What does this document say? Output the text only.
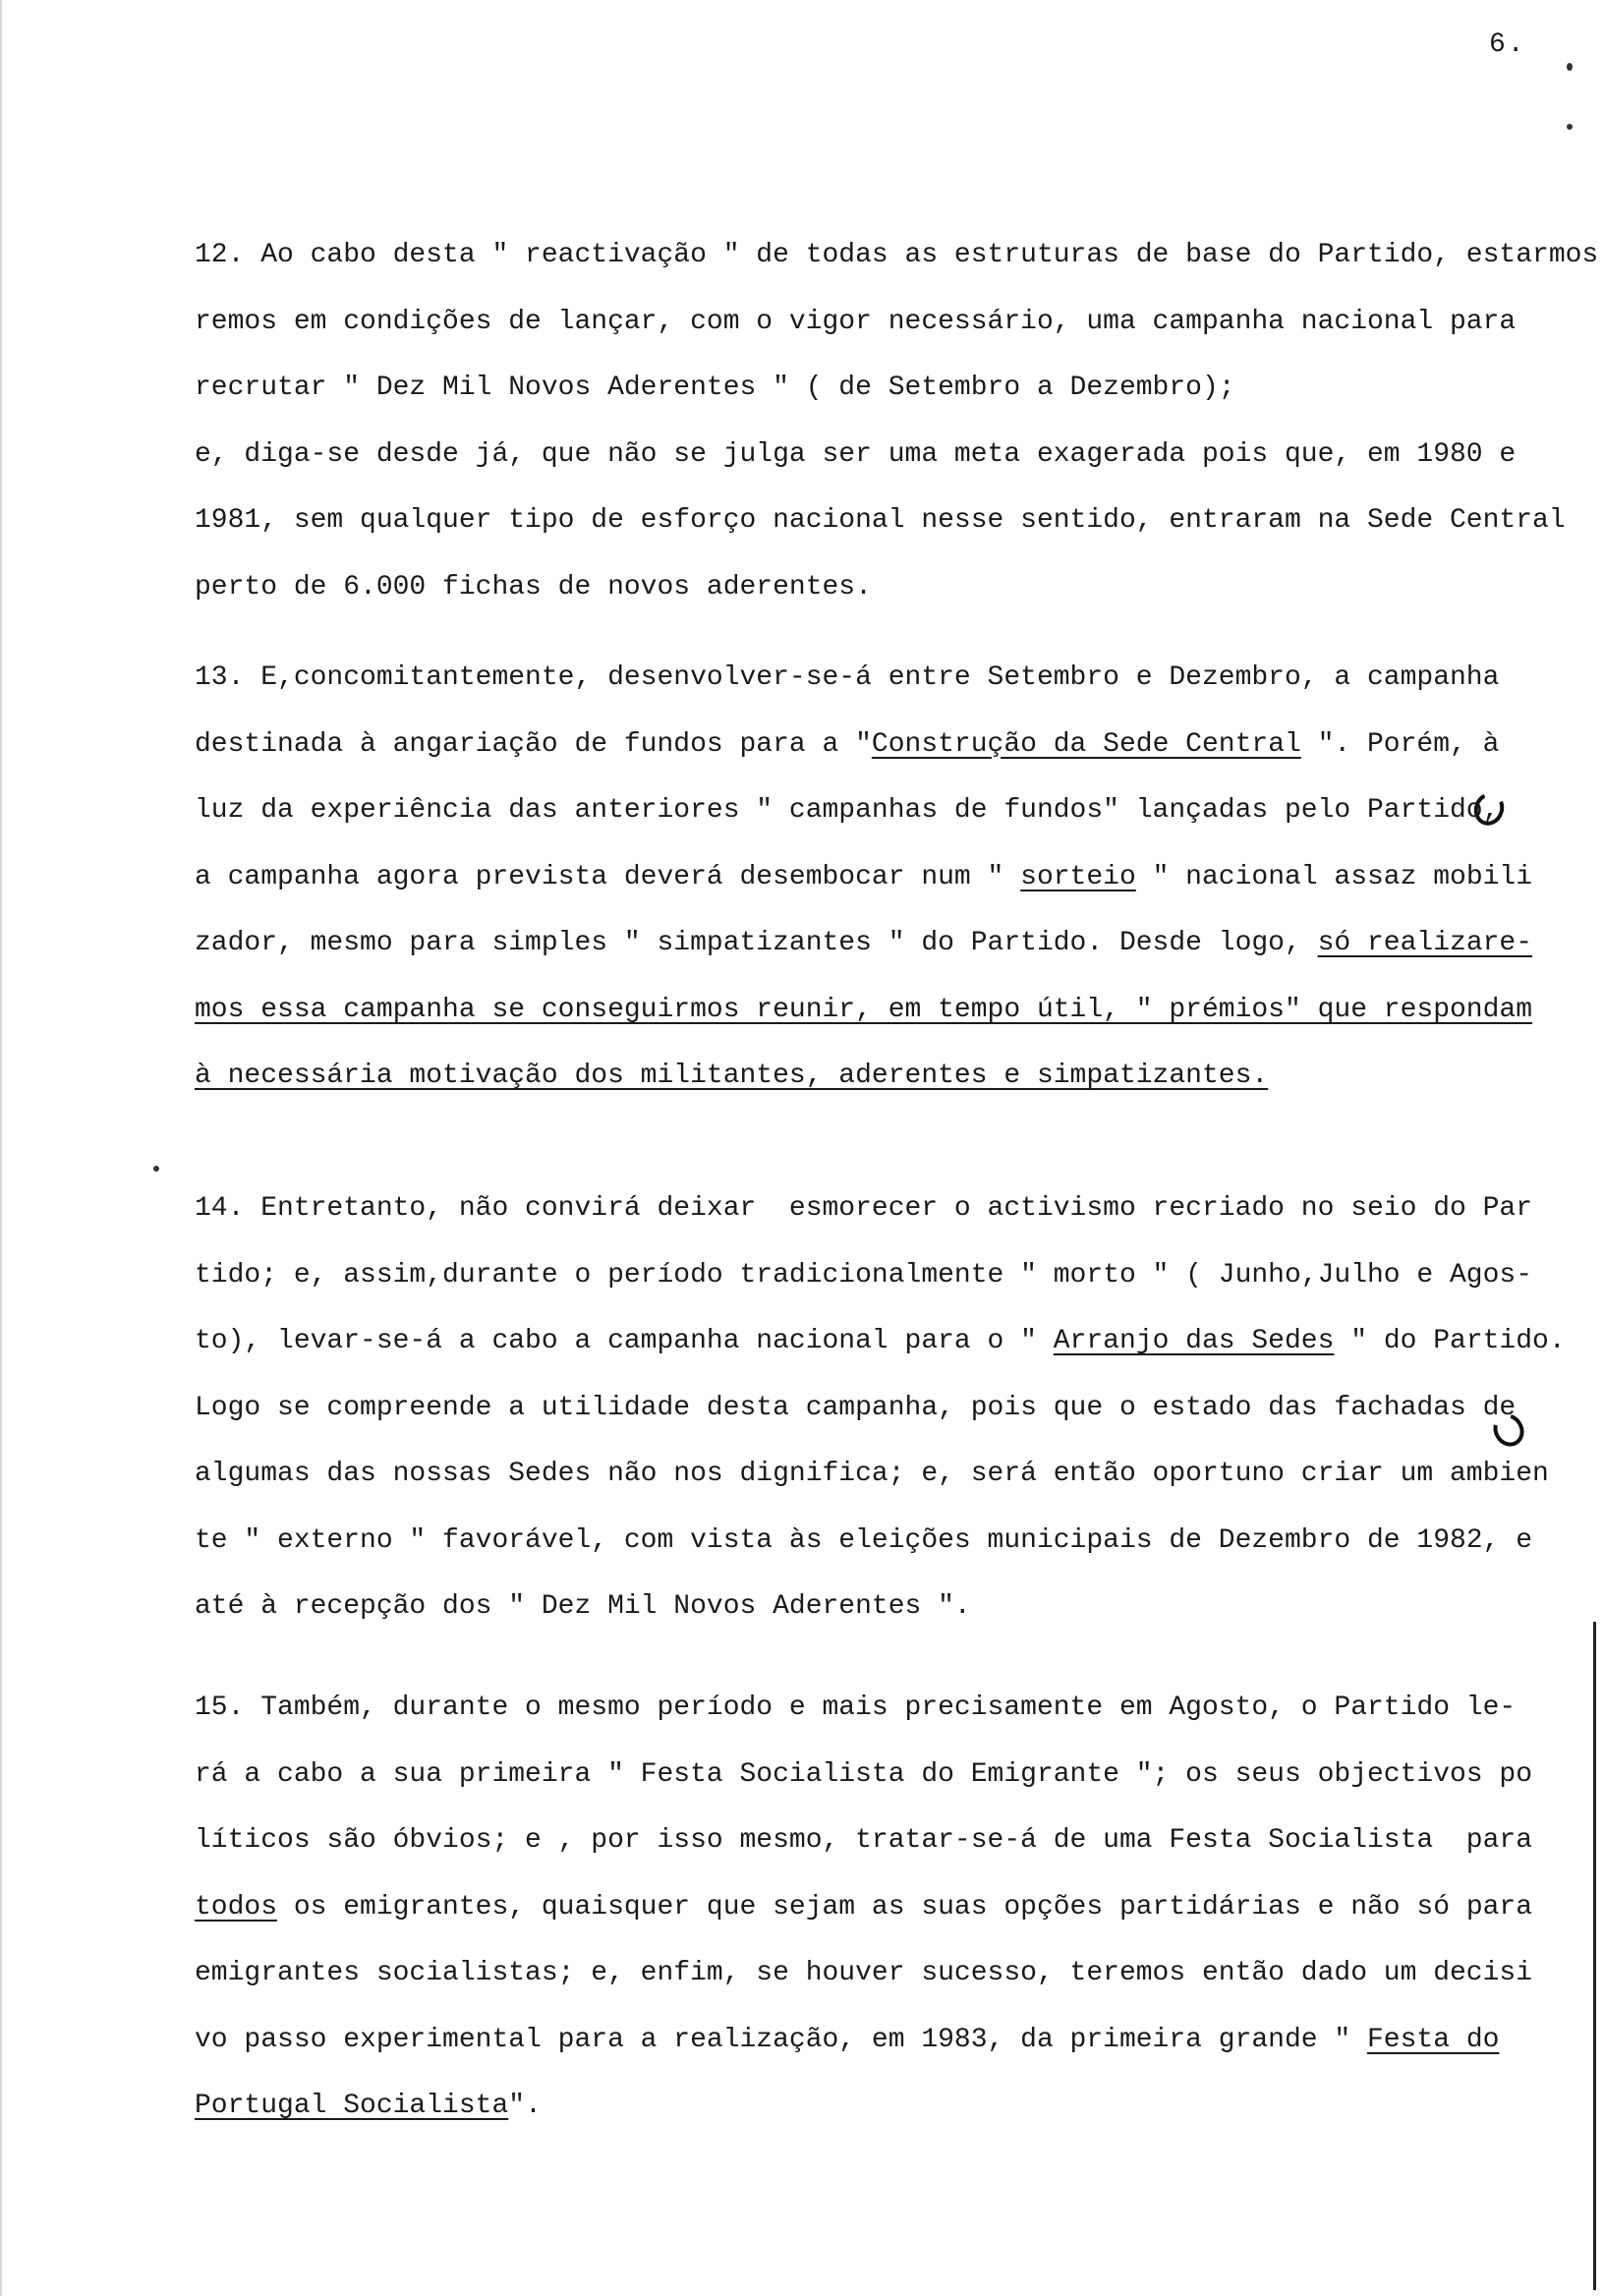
6.
12. Ao cabo desta " reactivação " de todas as estruturas de base do Partido, estarmos
remos em condições de lançar, com o vigor necessário, uma campanha nacional para
recrutar " Dez Mil Novos Aderentes " ( de Setembro a Dezembro);
e, diga-se desde já, que não se julga ser uma meta exagerada pois que, em 1980 e
1981, sem qualquer tipo de esforço nacional nesse sentido, entraram na Sede Central
perto de 6.000 fichas de novos aderentes.
13. E,concomitantemente, desenvolver-se-á entre Setembro e Dezembro, a campanha
destinada à angariação de fundos para a "Construção da Sede Central ". Porém, à
luz da experiência das anteriores " campanhas de fundos" lançadas pelo Partido,
a campanha agora prevista deverá desembocar num " sorteio " nacional assaz mobili
zador, mesmo para simples " simpatizantes " do Partido. Desde logo, só realizare-
mos essa campanha se conseguirmos reunir, em tempo útil, " prémios" que respondam
à necessária motivação dos militantes, aderentes e simpatizantes.
14. Entretanto, não convirá deixar  esmorecer o activismo recriado no seio do Par
tido; e, assim,durante o período tradicionalmente " morto " ( Junho,Julho e Agos-
to), levar-se-á a cabo a campanha nacional para o " Arranjo das Sedes " do Partido.
Logo se compreende a utilidade desta campanha, pois que o estado das fachadas de
algumas das nossas Sedes não nos dignifica; e, será então oportuno criar um ambien
te " externo " favorável, com vista às eleições municipais de Dezembro de 1982, e
até à recepção dos " Dez Mil Novos Aderentes ".
15. Também, durante o mesmo período e mais precisamente em Agosto, o Partido le-
rá a cabo a sua primeira " Festa Socialista do Emigrante "; os seus objectivos po
líticos são óbvios; e , por isso mesmo, tratar-se-á de uma Festa Socialista  para
todos os emigrantes, quaisquer que sejam as suas opções partidárias e não só para
emigrantes socialistas; e, enfim, se houver sucesso, teremos então dado um decisi
vo passo experimental para a realização, em 1983, da primeira grande " Festa do
Portugal Socialista".
